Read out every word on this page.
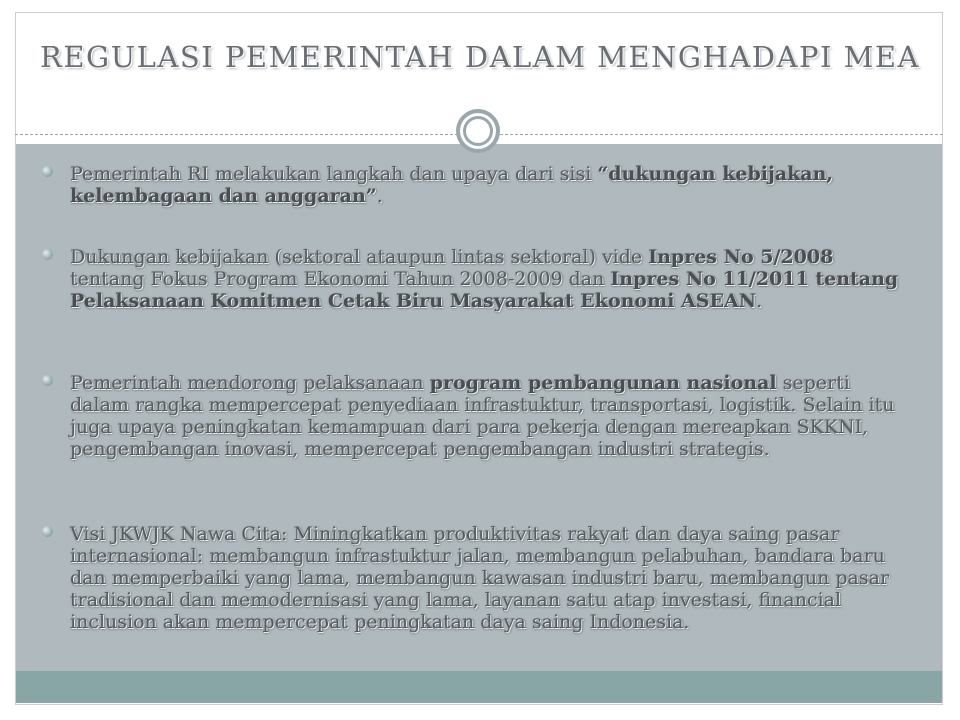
REGULASI PEMERINTAH DALAM MENGHADAPI MEA
Pemerintah RI melakukan langkah dan upaya dari sisi “dukungan kebijakan, kelembagaan dan anggaran”.
Dukungan kebijakan (sektoral ataupun lintas sektoral) vide Inpres No 5/2008 tentang Fokus Program Ekonomi Tahun 2008-2009 dan Inpres No 11/2011 tentang Pelaksanaan Komitmen Cetak Biru Masyarakat Ekonomi ASEAN.
Pemerintah mendorong pelaksanaan program pembangunan nasional seperti dalam rangka mempercepat penyediaan infrastuktur, transportasi, logistik. Selain itu juga upaya peningkatan kemampuan dari para pekerja dengan mereapkan SKKNI, pengembangan inovasi, mempercepat pengembangan industri strategis.
Visi JKWJK Nawa Cita: Miningkatkan produktivitas rakyat dan daya saing pasar internasional: membangun infrastuktur jalan, membangun pelabuhan, bandara baru dan memperbaiki yang lama, membangun kawasan industri baru, membangun pasar tradisional dan memodernisasi yang lama, layanan satu atap investasi, financial inclusion akan mempercepat peningkatan daya saing Indonesia.
